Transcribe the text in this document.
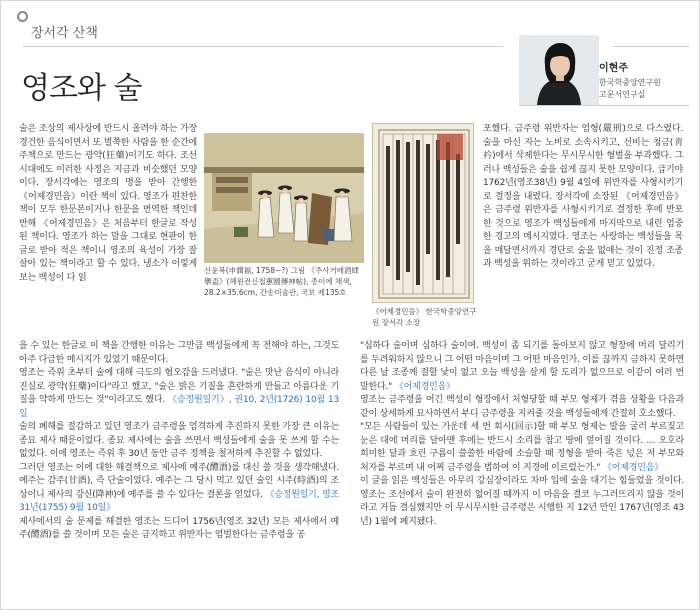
장서각 산책
영조와 술
이현주
한국학중앙연구원
고문서연구실

술은 조상의 제사상에 반드시 올려야 하는 가장 경건한 음식이면서 또 벌쭉한 사람을 한 순간에 주책으로 만드는 광약(狂藥)이기도 하다. 조선시대에도 이러한 사정은 지금과 비슷했던 모양이다. 장서각에는 영조의 명을 받아 간행한 《어제경민음》이란 책이 있다. 영조가 편찬한 책이 모두 한문본이거나 한문을 번역한 책인데 반해 《어제경민음》은 처음부터 한글로 작성된 책이다. 영조가 하는 말을 그대로 현판이 한글로 받아 적은 책이니 영조의 육성이 가장 잘 살아 있는 책이라고 할 수 있다. 냉소가 이렇게 보는 백성이 다 읽

신윤복(申潤福, 1758~?) 그림 《주사거배酒肆擧盃》(혜원전신첩蕙園傳神帖), 종이에 채색, 28.2×35.6cm, 간송미술관, 국보 제135호
《어제경민음》 한국학중앙연구원 장서각 소장

포했다. 금주령 위반자는 엄형(嚴刑)으로 다스렸다. 술을 마신 자는 노비로 소속시키고, 선비는 청금(靑衿)에서 삭제한다는 무시무시한 형벌을 부과했다. 그러나 백성들은 술을 쉽게 끊지 못한 모양이다. 급기야 1762년(영조38년) 9월 4일에 위반자를 사형시키기로 결정을 내렸다. 장서각에 소장된 《어제경민음》은 금주령 위반자를 사형시키기로 결정한 후에 반포한 것으로 영조가 백성들에게 마지막으로 내린 엄중한 경고의 메시지였다. 영조는 사랑하는 백성들을 목을 매달면서까지 경단로 술을 없애는 것이 진정 조종과 백성을 위하는 것이라고 굳게 믿고 있었다.

을 수 있는 한글로 이 책을 간행한 이유는 그만큼 백성들에게 꼭 전해야 하는, 그것도 아주 다급한 메시지가 있었기 때문이다.

영조는 즉위 초부터 술에 대해 극도의 혐오감을 드러냈다. "술은 맛난 음식이 아니라 진실로 광약(狂藥)이다"라고 했고, "술은 밝은 기질을 흔란하게 만들고 아름다운 기질을 약하게 만드는 것"이라고도 했다. 《승정원일기》, 권10, 2년(1726) 10월 13일

술의 폐해를 절감하고 있던 영조가 금주령을 엄격하게 추진하지 못한 가장 큰 이유는 종묘 제사 때문이었다. 종묘 제사에는 술을 쓰면서 백성들에게 술을 못 쓰게 할 수는 없었다. 이에 영조는 즉위 후 30년 동안 금주 정책을 철저하게 추진할 수 없었다.

그러던 영조는 이에 대한 해결책으로 제사에 예주(醴酒)를 대신 쓸 것을 생각해냈다. 예주는 감주(甘酒), 즉 단술이었다. 예주는 그 당시 먹고 있던 술인 시주(時酒)의 조상이니 제사의 강신(降神)에 예주를 쓸 수 있다는 결론을 얻었다. 《승정원일기, 영조 31년(1755) 9월 10일》

제사에서의 술 문제를 해결한 영조는 드디어 1756년(영조 32년) 모든 제사에서 예주(醴酒)를 쓸 것이며 모든 술은 금지하고 위반자는 엄벌한다는 금주령을 공

"심하다 술이며 심하다 술이여. 백성이 좀 되기를 돌아보지 않고 형장에 머리 달리기를 두려워하지 않으니 그 어떤 마음이며 그 어떤 마음인가. 이를 끊까지 금하지 못하면 다른 날 조종께 절할 낯이 없고 오늘 백성을 살게 할 도리가 없으므로 이같이 여러 번 말한다." 《어제경민음》

영조는 금주령을 어긴 백성이 형장에서 처형당할 때 부모 형제가 겪을 상황을 다음과 같이 상세하게 묘사하면서 부디 금주령을 지켜줄 것을 백성들에게 간절히 호소했다.

"모든 사람들이 있는 가운데 세 번 회시(回示)할 때 부모 형제는 발을 굴러 부르짖고 눈은 대에 머리를 달아맨 후에는 반드시 소리를 참고 땅에 엎어질 것이다. … 오호라 희미한 달과 흐린 구름이 쓸쓸한 바람에 소슬할 때 정형을 받아 죽은 넋은 저 부모와 처자를 부르며 내 어찌 금주령을 범하여 이 지경에 이르렀는가." 《어제경민음》

이 글을 읽은 백성들은 아무리 강심장이라도 차마 입에 술을 대기는 힘들었을 것이다. 영조는 조선에서 술이 완전히 없어질 때까지 이 마음을 결코 누그러뜨리지 않을 것이라고 거듭 결심했지만 이 무시무시한 금주령은 시행한 지 12년 만인 1767년(영조 43년) 1월에 폐지됐다.
